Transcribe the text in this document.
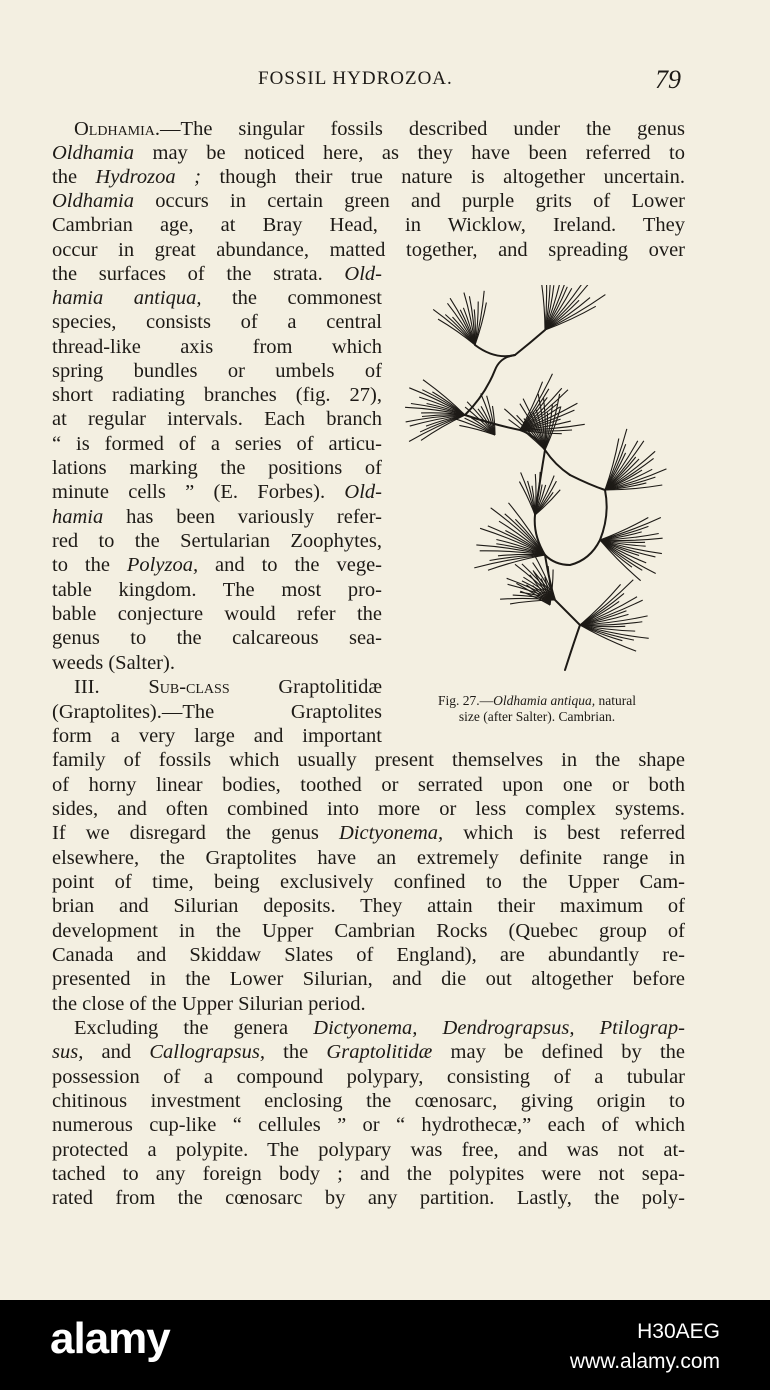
FOSSIL HYDROZOA.	79
Oldhamia.—The singular fossils described under the genus
Oldhamia may be noticed here, as they have been referred to
the Hydrozoa ; though their true nature is altogether uncertain.
Oldhamia occurs in certain green and purple grits of Lower
Cambrian age, at Bray Head, in Wicklow, Ireland. They
occur in great abundance, matted together, and spreading over
the surfaces of the strata. Old-
hamia antiqua, the commonest
species, consists of a central
thread-like axis from which
spring bundles or umbels of
short radiating branches (fig. 27),
at regular intervals. Each branch
“ is formed of a series of articu-
lations marking the positions of
minute cells ” (E. Forbes). Old-
hamia has been variously refer-
red to the Sertularian Zoophytes,
to the Polyzoa, and to the vege-
table kingdom. The most pro-
bable conjecture would refer the
genus to the calcareous sea-
weeds (Salter).
III. Sub-class Graptolitidæ
(Graptolites).—The Graptolites
form a very large and important
family of fossils which usually present themselves in the shape
of horny linear bodies, toothed or serrated upon one or both
sides, and often combined into more or less complex systems.
If we disregard the genus Dictyonema, which is best referred
elsewhere, the Graptolites have an extremely definite range in
point of time, being exclusively confined to the Upper Cam-
brian and Silurian deposits. They attain their maximum of
development in the Upper Cambrian Rocks (Quebec group of
Canada and Skiddaw Slates of England), are abundantly re-
presented in the Lower Silurian, and die out altogether before
the close of the Upper Silurian period.
Excluding the genera Dictyonema, Dendrograpsus, Ptilograp-
sus, and Callograpsus, the Graptolitidæ may be defined by the
possession of a compound polypary, consisting of a tubular
chitinous investment enclosing the cœnosarc, giving origin to
numerous cup-like “ cellules ” or “ hydrothecæ,” each of which
protected a polypite. The polypary was free, and was not at-
tached to any foreign body ; and the polypites were not sepa-
rated from the cœnosarc by any partition. Lastly, the poly-
Fig. 27.—Oldhamia antiqua, natural
size (after Salter). Cambrian.
alamy	H30AEG
www.alamy.com
